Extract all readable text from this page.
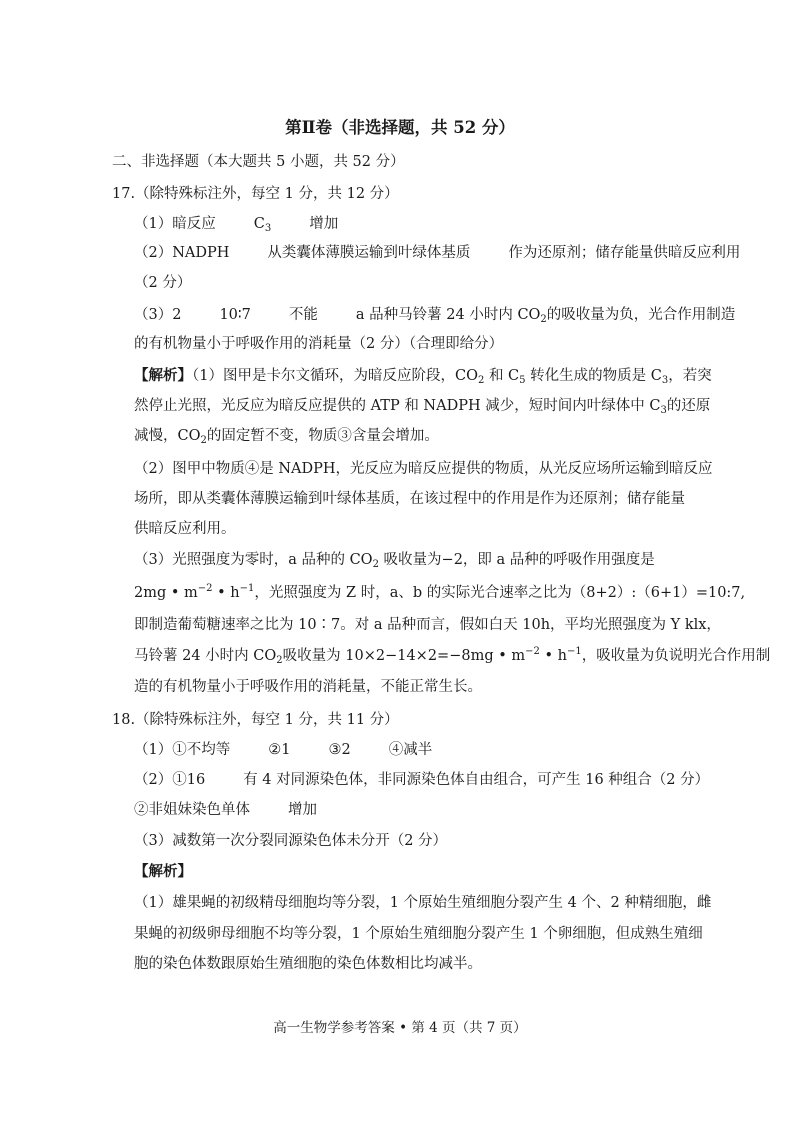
第Ⅱ卷（非选择题，共 52 分）
二、非选择题（本大题共 5 小题，共 52 分）
17.（除特殊标注外，每空 1 分，共 12 分）
（1）暗反应	$C_3$	增加
（2）NADPH	从类囊体薄膜运输到叶绿体基质	作为还原剂；储存能量供暗反应利用
（2 分）
（3）2	10∶7	不能	a 品种马铃薯 24 小时内 $CO_2$的吸收量为负，光合作用制造
的有机物量小于呼吸作用的消耗量（2 分）（合理即给分）
【解析】（1）图甲是卡尔文循环，为暗反应阶段，$CO_2$ 和 $C_5$ 转化生成的物质是 $C_3$，若突
然停止光照，光反应为暗反应提供的 ATP 和 NADPH 减少，短时间内叶绿体中 $C_3$的还原
减慢，$CO_2$的固定暂不变，物质③含量会增加。
（2）图甲中物质④是 NADPH，光反应为暗反应提供的物质，从光反应场所运输到暗反应
场所，即从类囊体薄膜运输到叶绿体基质，在该过程中的作用是作为还原剂；储存能量
供暗反应利用。
（3）光照强度为零时，a 品种的 $CO_2$ 吸收量为−2，即 a 品种的呼吸作用强度是
2mg • $m^{-2}$ • $h^{-1}$，光照强度为 Z 时，a、b 的实际光合速率之比为（8+2）:（6+1）=10:7,
即制造葡萄糖速率之比为 10∶7。对 a 品种而言，假如白天 10h，平均光照强度为 Y klx，
马铃薯 24 小时内 $CO_2$吸收量为 10×2−14×2=−8mg • $m^{-2}$ • $h^{-1}$，吸收量为负说明光合作用制
造的有机物量小于呼吸作用的消耗量，不能正常生长。
18.（除特殊标注外，每空 1 分，共 11 分）
（1）①不均等	②1	③2	④减半
（2）①16	有 4 对同源染色体，非同源染色体自由组合，可产生 16 种组合（2 分）
②非姐妹染色单体	增加
（3）减数第一次分裂同源染色体未分开（2 分）
【解析】
（1）雄果蝇的初级精母细胞均等分裂，1 个原始生殖细胞分裂产生 4 个、2 种精细胞，雌
果蝇的初级卵母细胞不均等分裂，1 个原始生殖细胞分裂产生 1 个卵细胞，但成熟生殖细
胞的染色体数跟原始生殖细胞的染色体数相比均减半。
高一生物学参考答案 • 第 4 页（共 7 页）
